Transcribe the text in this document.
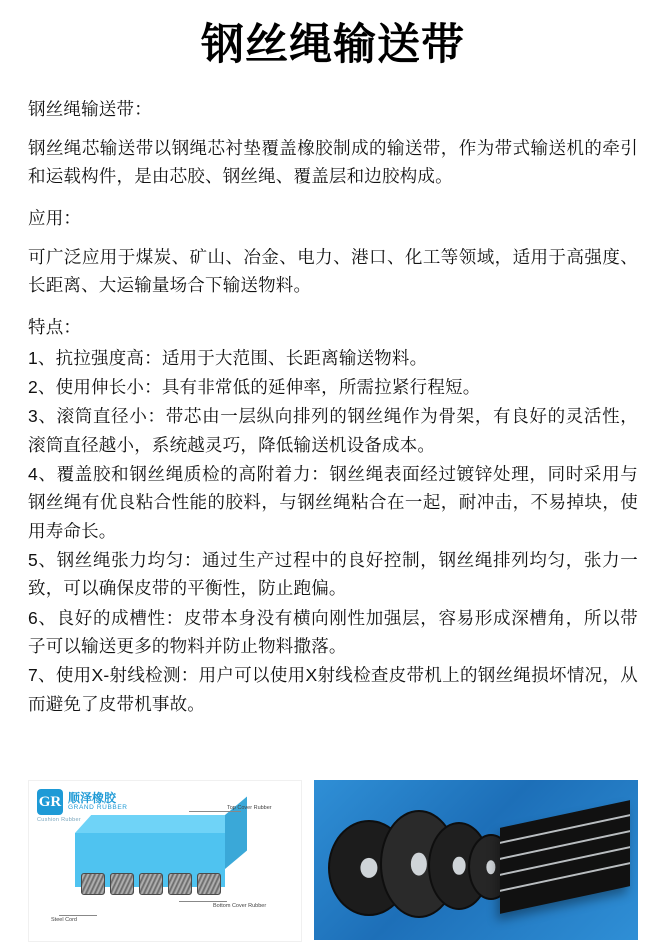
钢丝绳输送带

钢丝绳输送带：

钢丝绳芯输送带以钢绳芯衬垫覆盖橡胶制成的输送带，作为带式输送机的牵引和运载构件，是由芯胶、钢丝绳、覆盖层和边胶构成。

应用：

可广泛应用于煤炭、矿山、冶金、电力、港口、化工等领域，适用于高强度、长距离、大运输量场合下输送物料。

特点：

1、抗拉强度高：适用于大范围、长距离输送物料。

2、使用伸长小：具有非常低的延伸率，所需拉紧行程短。

3、滚筒直径小：带芯由一层纵向排列的钢丝绳作为骨架，有良好的灵活性，滚筒直径越小，系统越灵巧，降低输送机设备成本。

4、覆盖胶和钢丝绳质检的高附着力：钢丝绳表面经过镀锌处理，同时采用与钢丝绳有优良粘合性能的胶料，与钢丝绳粘合在一起，耐冲击，不易掉块，使用寿命长。

5、钢丝绳张力均匀：通过生产过程中的良好控制，钢丝绳排列均匀，张力一致，可以确保皮带的平衡性，防止跑偏。

6、良好的成槽性：皮带本身没有横向刚性加强层，容易形成深槽角，所以带子可以输送更多的物料并防止物料撒落。

7、使用X-射线检测：用户可以使用X射线检查皮带机上的钢丝绳损坏情况，从而避免了皮带机事故。

GR 顺泽橡胶
GRAND RUBBER
Cushion Rubber
Top Cover Rubber
Bottom Cover Rubber
Steel Cord
